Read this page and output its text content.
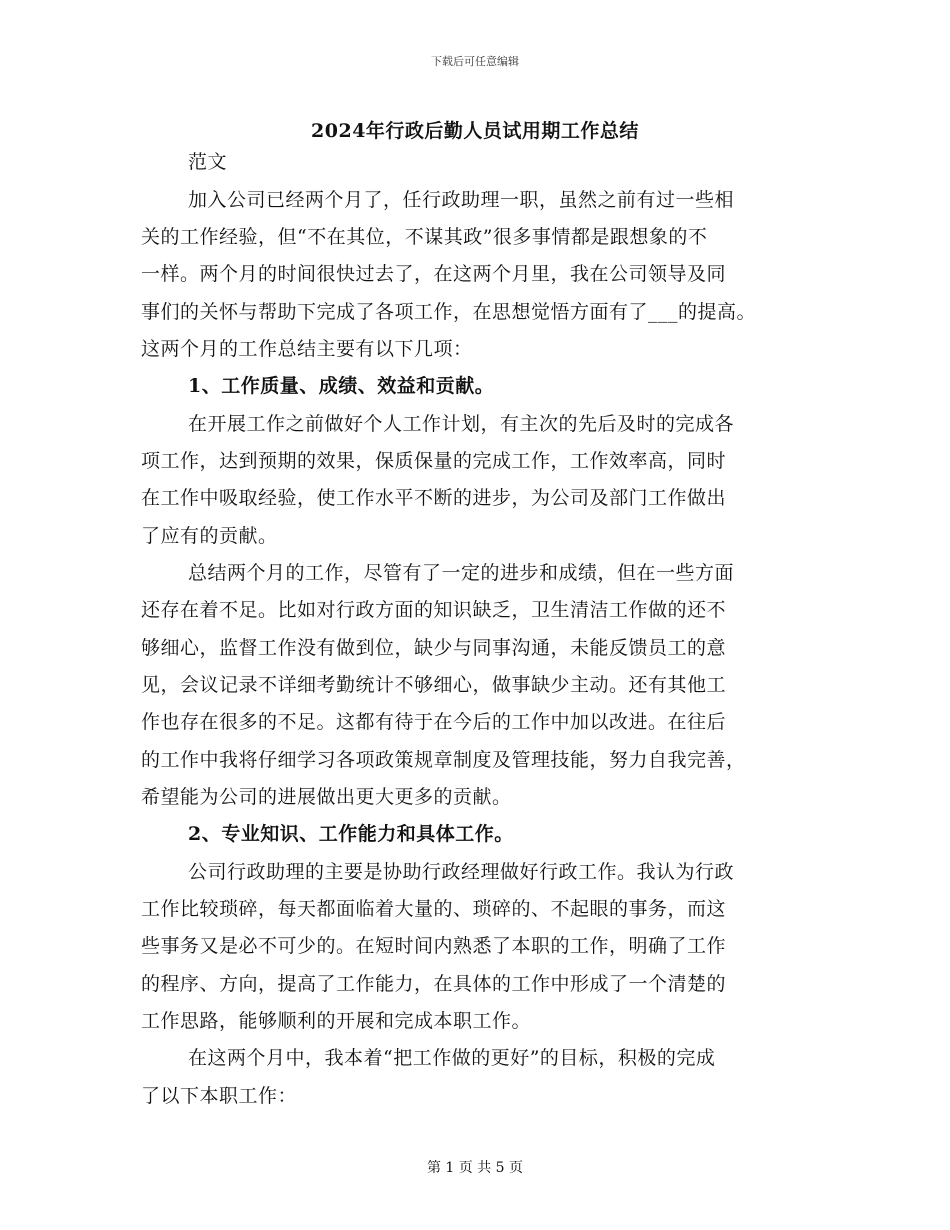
下载后可任意编辑
2024年行政后勤人员试用期工作总结
范文
加入公司已经两个月了，任行政助理一职，虽然之前有过一些相
关的工作经验，但“不在其位，不谋其政”很多事情都是跟想象的不
一样。两个月的时间很快过去了，在这两个月里，我在公司领导及同
事们的关怀与帮助下完成了各项工作，在思想觉悟方面有了___的提高。
这两个月的工作总结主要有以下几项：
1、工作质量、成绩、效益和贡献。
在开展工作之前做好个人工作计划，有主次的先后及时的完成各
项工作，达到预期的效果，保质保量的完成工作，工作效率高，同时
在工作中吸取经验，使工作水平不断的进步，为公司及部门工作做出
了应有的贡献。
总结两个月的工作，尽管有了一定的进步和成绩，但在一些方面
还存在着不足。比如对行政方面的知识缺乏，卫生清洁工作做的还不
够细心，监督工作没有做到位，缺少与同事沟通，未能反馈员工的意
见，会议记录不详细考勤统计不够细心，做事缺少主动。还有其他工
作也存在很多的不足。这都有待于在今后的工作中加以改进。在往后
的工作中我将仔细学习各项政策规章制度及管理技能，努力自我完善，
希望能为公司的进展做出更大更多的贡献。
2、专业知识、工作能力和具体工作。
公司行政助理的主要是协助行政经理做好行政工作。我认为行政
工作比较琐碎，每天都面临着大量的、琐碎的、不起眼的事务，而这
些事务又是必不可少的。在短时间内熟悉了本职的工作，明确了工作
的程序、方向，提高了工作能力，在具体的工作中形成了一个清楚的
工作思路，能够顺利的开展和完成本职工作。
在这两个月中，我本着“把工作做的更好”的目标，积极的完成
了以下本职工作：
第 1 页 共 5 页
